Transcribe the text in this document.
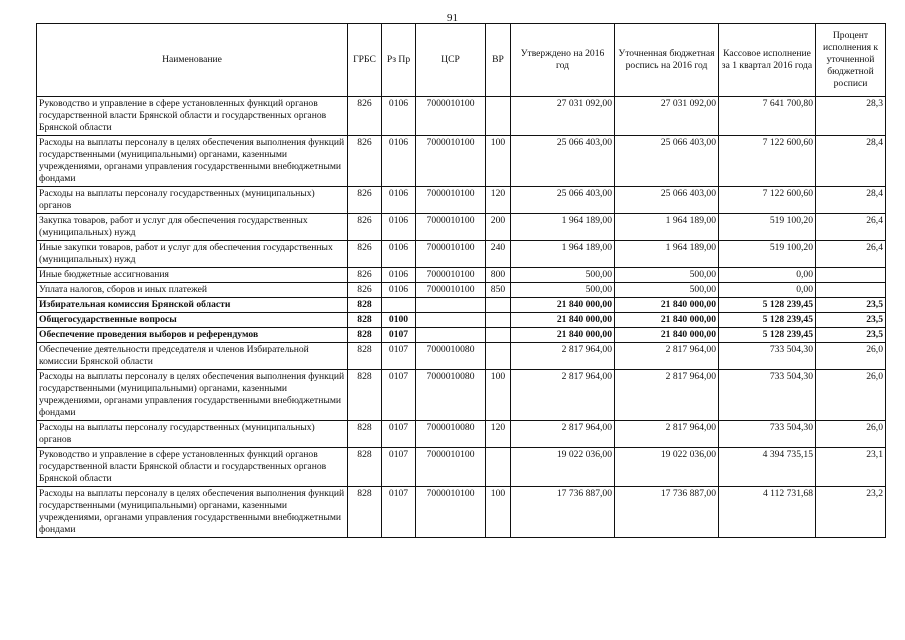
91
Наименование	ГРБС	Рз Пр	ЦСР	ВР	Утверждено на 2016 год	Уточненная бюджетная роспись на 2016 год	Кассовое исполнение за 1 квартал 2016 года	Процент исполнения к уточненной бюджетной росписи
Руководство и управление в сфере установленных функций органов государственной власти Брянской области и государственных органов Брянской области	826	0106	7000010100		27 031 092,00	27 031 092,00	7 641 700,80	28,3
Расходы на выплаты персоналу в целях обеспечения выполнения функций государственными (муниципальными) органами, казенными учреждениями, органами управления государственными внебюджетными фондами	826	0106	7000010100	100	25 066 403,00	25 066 403,00	7 122 600,60	28,4
Расходы на выплаты персоналу государственных (муниципальных) органов	826	0106	7000010100	120	25 066 403,00	25 066 403,00	7 122 600,60	28,4
Закупка товаров, работ и услуг для обеспечения государственных (муниципальных) нужд	826	0106	7000010100	200	1 964 189,00	1 964 189,00	519 100,20	26,4
Иные закупки товаров, работ и услуг для обеспечения государственных (муниципальных) нужд	826	0106	7000010100	240	1 964 189,00	1 964 189,00	519 100,20	26,4
Иные бюджетные ассигнования	826	0106	7000010100	800	500,00	500,00	0,00	
Уплата налогов, сборов и иных платежей	826	0106	7000010100	850	500,00	500,00	0,00	
Избирательная комиссия Брянской области	828				21 840 000,00	21 840 000,00	5 128 239,45	23,5
Общегосударственные вопросы	828	0100			21 840 000,00	21 840 000,00	5 128 239,45	23,5
Обеспечение проведения выборов и референдумов	828	0107			21 840 000,00	21 840 000,00	5 128 239,45	23,5
Обеспечение деятельности председателя и членов Избирательной комиссии Брянской области	828	0107	7000010080		2 817 964,00	2 817 964,00	733 504,30	26,0
Расходы на выплаты персоналу в целях обеспечения выполнения функций государственными (муниципальными) органами, казенными учреждениями, органами управления государственными внебюджетными фондами	828	0107	7000010080	100	2 817 964,00	2 817 964,00	733 504,30	26,0
Расходы на выплаты персоналу государственных (муниципальных) органов	828	0107	7000010080	120	2 817 964,00	2 817 964,00	733 504,30	26,0
Руководство и управление в сфере установленных функций органов государственной власти Брянской области и государственных органов Брянской области	828	0107	7000010100		19 022 036,00	19 022 036,00	4 394 735,15	23,1
Расходы на выплаты персоналу в целях обеспечения выполнения функций государственными (муниципальными) органами, казенными учреждениями, органами управления государственными внебюджетными фондами	828	0107	7000010100	100	17 736 887,00	17 736 887,00	4 112 731,68	23,2
